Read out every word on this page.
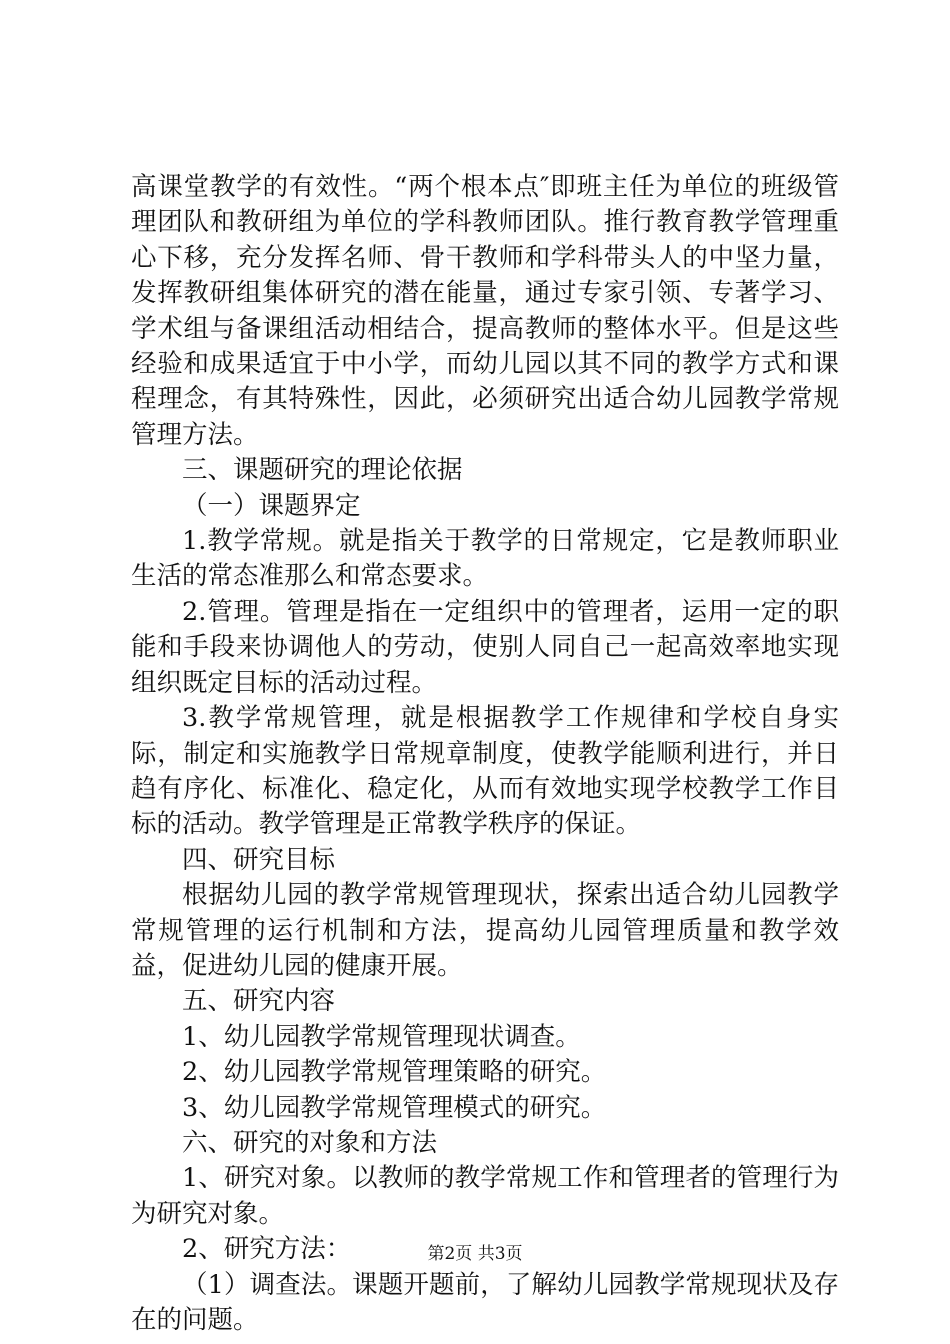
高课堂教学的有效性。“两个根本点″即班主任为单位的班级管理团队和教研组为单位的学科教师团队。推行教育教学管理重心下移，充分发挥名师、骨干教师和学科带头人的中坚力量，发挥教研组集体研究的潜在能量，通过专家引领、专著学习、学术组与备课组活动相结合，提高教师的整体水平。但是这些经验和成果适宜于中小学，而幼儿园以其不同的教学方式和课程理念，有其特殊性，因此，必须研究出适合幼儿园教学常规管理方法。

三、课题研究的理论依据

（一）课题界定

1.教学常规。就是指关于教学的日常规定，它是教师职业生活的常态准那么和常态要求。

2.管理。管理是指在一定组织中的管理者，运用一定的职能和手段来协调他人的劳动，使别人同自己一起高效率地实现组织既定目标的活动过程。

3.教学常规管理，就是根据教学工作规律和学校自身实际，制定和实施教学日常规章制度，使教学能顺利进行，并日趋有序化、标准化、稳定化，从而有效地实现学校教学工作目标的活动。教学管理是正常教学秩序的保证。

四、研究目标

根据幼儿园的教学常规管理现状，探索出适合幼儿园教学常规管理的运行机制和方法，提高幼儿园管理质量和教学效益，促进幼儿园的健康开展。

五、研究内容

1、幼儿园教学常规管理现状调查。

2、幼儿园教学常规管理策略的研究。

3、幼儿园教学常规管理模式的研究。

六、研究的对象和方法

1、研究对象。以教师的教学常规工作和管理者的管理行为为研究对象。

2、研究方法：

（1）调查法。课题开题前，了解幼儿园教学常规现状及存在的问题。

第2页 共3页
